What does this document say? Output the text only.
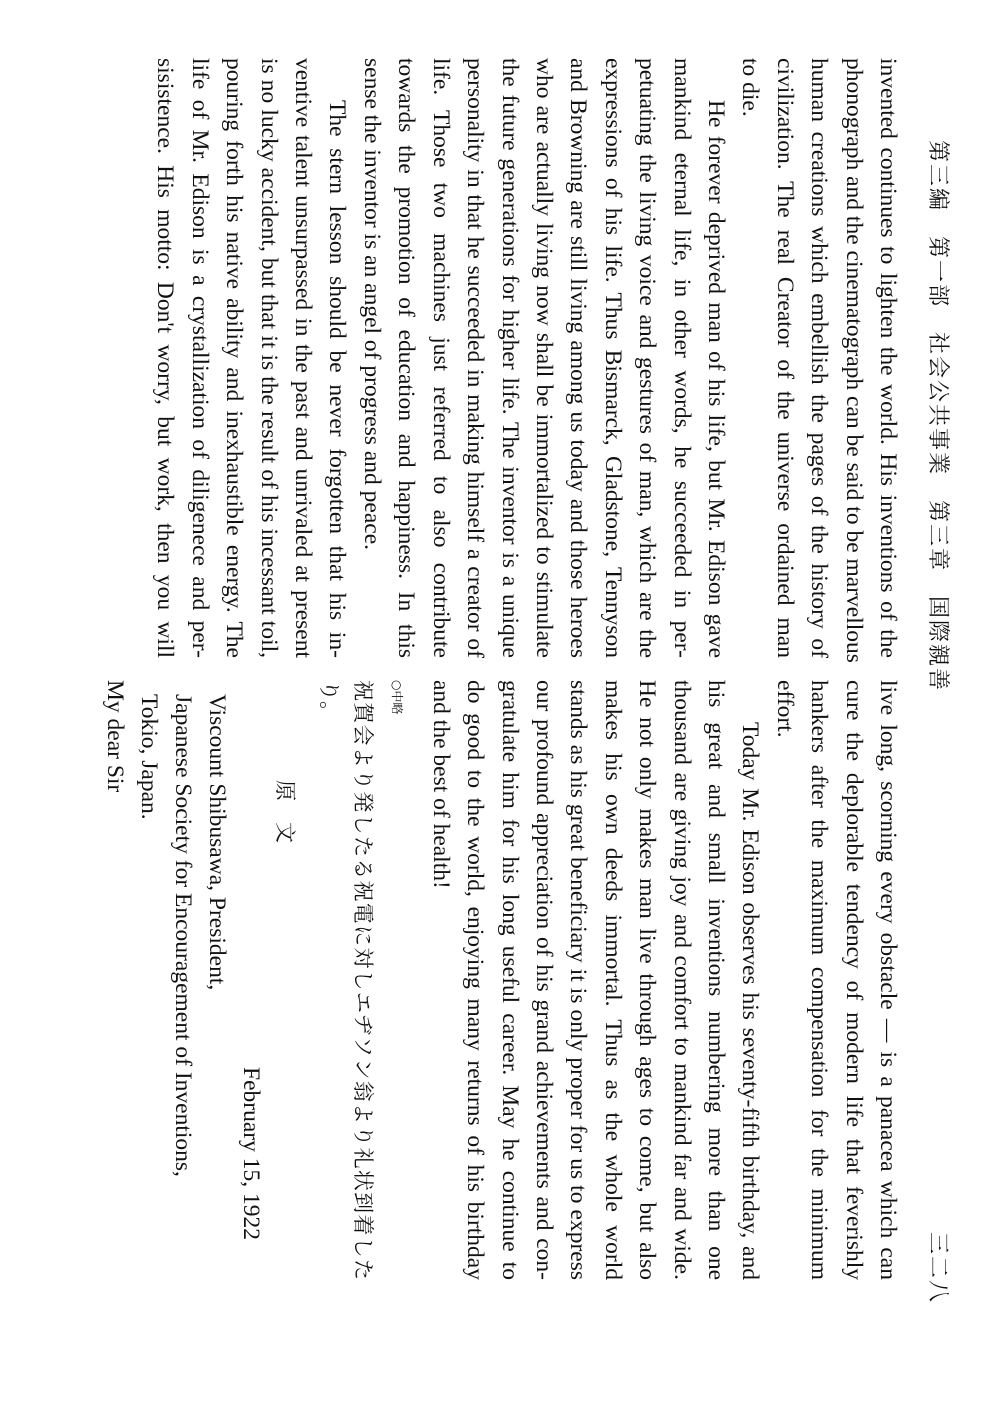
第三編　第一部　社会公共事業　第三章　国際親善
三二八

invented continues to lighten the world. His inventions of the
phonograph and the cinematograph can be said to be marvellous
human creations which embellish the pages of the history of
civilization. The real Creator of the universe ordained man
to die.

He forever deprived man of his life, but Mr. Edison gave
mankind eternal life, in other words, he succeeded in per-
petuating the living voice and gestures of man, which are the
expressions of his life. Thus Bismarck, Gladstone, Tennyson
and Browning are still living among us today and those heroes
who are actually living now shall be immortalized to stimulate
the future generations for higher life. The inventor is a unique
personality in that he succeeded in making himself a creator of
life. Those two machines just referred to also contribute
towards the promotion of education and happiness. In this
sense the inventor is an angel of progress and peace.

The stern lesson should be never forgotten that his in-
ventive talent unsurpassed in the past and unrivaled at present
is no lucky accident, but that it is the result of his incessant toil,
pouring forth his native ability and inexhaustible energy. The
life of Mr. Edison is a crystallization of diligenece and per-
sisistence. His motto: Don't worry, but work, then you will

live long, scorning every obstacle — is a panacea which can
cure the deplorable tendency of modern life that feverishly
hankers after the maximum compensation for the minimum
effort.

Today Mr. Edison observes his seventy-fifth birthday, and
his great and small inventions numbering more than one
thousand are giving joy and comfort to mankind far and wide.
He not only makes man live through ages to come, but also
makes his own deeds immortal. Thus as the whole world
stands as his great beneficiary it is only proper for us to express
our profound appreciation of his grand achievements and con-
gratulate him for his long useful career. May he continue to
do good to the world, enjoying many returns of his birthday
and the best of health!

○中略
祝賀会より発したる祝電に対しエヂソン翁より礼状到着したり。
原　文
February 15, 1922
Viscount Shibusawa, President,
Japanese Society for Encouragement of Inventions,
Tokio, Japan.
My dear Sir
